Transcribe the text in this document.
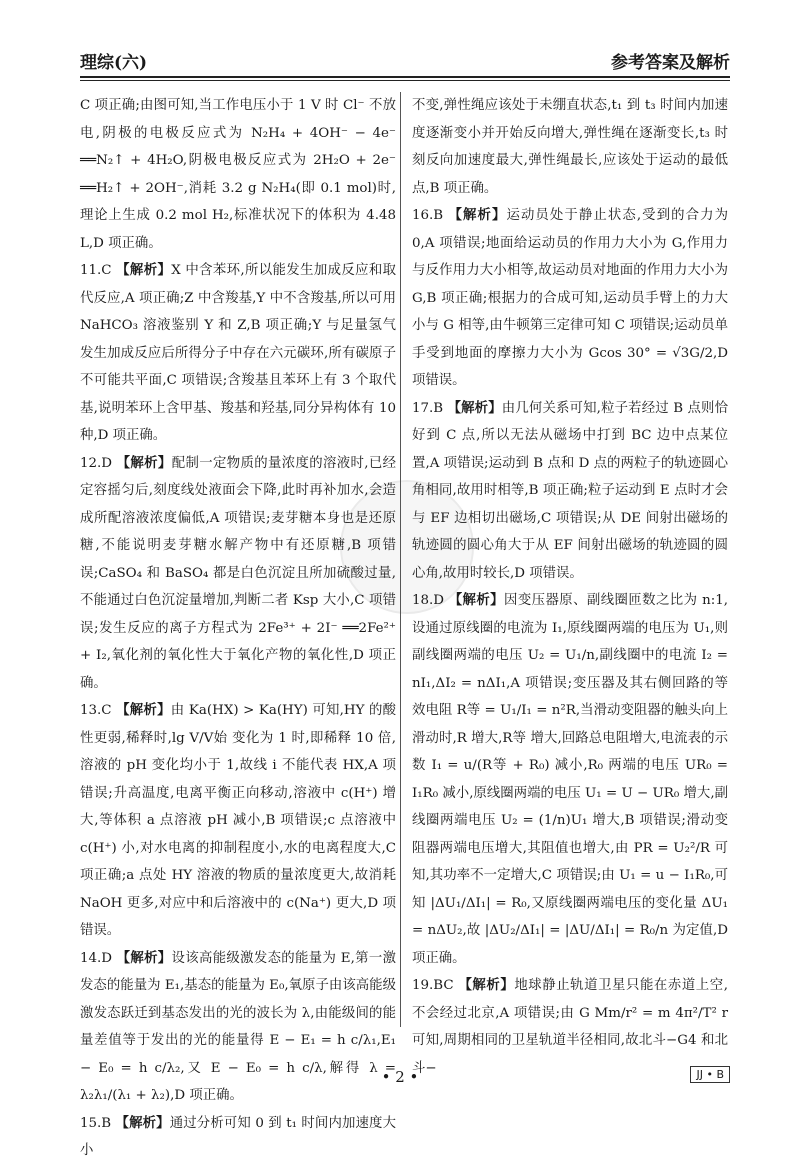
理综(六)	参考答案及解析

C 项正确;由图可知,当工作电压小于 1 V 时 Cl⁻ 不放电,阴极的电极反应式为 N₂H₄ + 4OH⁻ − 4e⁻ ══N₂↑ + 4H₂O,阴极电极反应式为 2H₂O + 2e⁻ ══H₂↑ + 2OH⁻,消耗 3.2 g N₂H₄(即 0.1 mol)时,理论上生成 0.2 mol H₂,标准状况下的体积为 4.48 L,D 项正确。

11.C 【解析】X 中含苯环,所以能发生加成反应和取代反应,A 项正确;Z 中含羧基,Y 中不含羧基,所以可用 NaHCO₃ 溶液鉴别 Y 和 Z,B 项正确;Y 与足量氢气发生加成反应后所得分子中存在六元碳环,所有碳原子不可能共平面,C 项错误;含羧基且苯环上有 3 个取代基,说明苯环上含甲基、羧基和羟基,同分异构体有 10 种,D 项正确。

12.D 【解析】配制一定物质的量浓度的溶液时,已经定容摇匀后,刻度线处液面会下降,此时再补加水,会造成所配溶液浓度偏低,A 项错误;麦芽糖本身也是还原糖,不能说明麦芽糖水解产物中有还原糖,B 项错误;CaSO₄ 和 BaSO₄ 都是白色沉淀且所加硫酸过量,不能通过白色沉淀量增加,判断二者 Ksp 大小,C 项错误;发生反应的离子方程式为 2Fe³⁺ + 2I⁻ ══2Fe²⁺ + I₂,氧化剂的氧化性大于氧化产物的氧化性,D 项正确。

13.C 【解析】由 Ka(HX) > Ka(HY) 可知,HY 的酸性更弱,稀释时,lg V/V始 变化为 1 时,即稀释 10 倍,溶液的 pH 变化均小于 1,故线 ⅰ 不能代表 HX,A 项错误;升高温度,电离平衡正向移动,溶液中 c(H⁺) 增大,等体积 a 点溶液 pH 减小,B 项错误;c 点溶液中 c(H⁺) 小,对水电离的抑制程度小,水的电离程度大,C 项正确;a 点处 HY 溶液的物质的量浓度更大,故消耗 NaOH 更多,对应中和后溶液中的 c(Na⁺) 更大,D 项错误。

14.D 【解析】设该高能级激发态的能量为 E,第一激发态的能量为 E₁,基态的能量为 E₀,氧原子由该高能级激发态跃迁到基态发出的光的波长为 λ,由能级间的能量差值等于发出的光的能量得 E − E₁ = h c/λ₁,E₁ − E₀ = h c/λ₂,又 E − E₀ = h c/λ,解得 λ = λ₂λ₁/(λ₁ + λ₂),D 项正确。

15.B 【解析】通过分析可知 0 到 t₁ 时间内加速度大小

不变,弹性绳应该处于未绷直状态,t₁ 到 t₃ 时间内加速度逐渐变小并开始反向增大,弹性绳在逐渐变长,t₃ 时刻反向加速度最大,弹性绳最长,应该处于运动的最低点,B 项正确。

16.B 【解析】运动员处于静止状态,受到的合力为 0,A 项错误;地面给运动员的作用力大小为 G,作用力与反作用力大小相等,故运动员对地面的作用力大小为 G,B 项正确;根据力的合成可知,运动员手臂上的力大小与 G 相等,由牛顿第三定律可知 C 项错误;运动员单手受到地面的摩擦力大小为 Gcos 30° = √3G/2,D 项错误。

17.B 【解析】由几何关系可知,粒子若经过 B 点则恰好到 C 点,所以无法从磁场中打到 BC 边中点某位置,A 项错误;运动到 B 点和 D 点的两粒子的轨迹圆心角相同,故用时相等,B 项正确;粒子运动到 E 点时才会与 EF 边相切出磁场,C 项错误;从 DE 间射出磁场的轨迹圆的圆心角大于从 EF 间射出磁场的轨迹圆的圆心角,故用时较长,D 项错误。

18.D 【解析】因变压器原、副线圈匝数之比为 n:1,设通过原线圈的电流为 I₁,原线圈两端的电压为 U₁,则副线圈两端的电压 U₂ = U₁/n,副线圈中的电流 I₂ = nI₁,ΔI₂ = nΔI₁,A 项错误;变压器及其右侧回路的等效电阻 R等 = U₁/I₁ = n²R,当滑动变阻器的触头向上滑动时,R 增大,R等 增大,回路总电阻增大,电流表的示数 I₁ = u/(R等 + R₀) 减小,R₀ 两端的电压 UR₀ = I₁R₀ 减小,原线圈两端的电压 U₁ = U − UR₀ 增大,副线圈两端电压 U₂ = (1/n)U₁ 增大,B 项错误;滑动变阻器两端电压增大,其阻值也增大,由 PR = U₂²/R 可知,其功率不一定增大,C 项错误;由 U₁ = u − I₁R₀,可知 |ΔU₁/ΔI₁| = R₀,又原线圈两端电压的变化量 ΔU₁ = nΔU₂,故 |ΔU₂/ΔI₁| = |ΔU/ΔI₁| = R₀/n 为定值,D 项正确。

19.BC 【解析】地球静止轨道卫星只能在赤道上空,不会经过北京,A 项错误;由 G Mm/r² = m 4π²/T² r 可知,周期相同的卫星轨道半径相同,故北斗−G4 和北斗−

• 2 •	JJ • B
